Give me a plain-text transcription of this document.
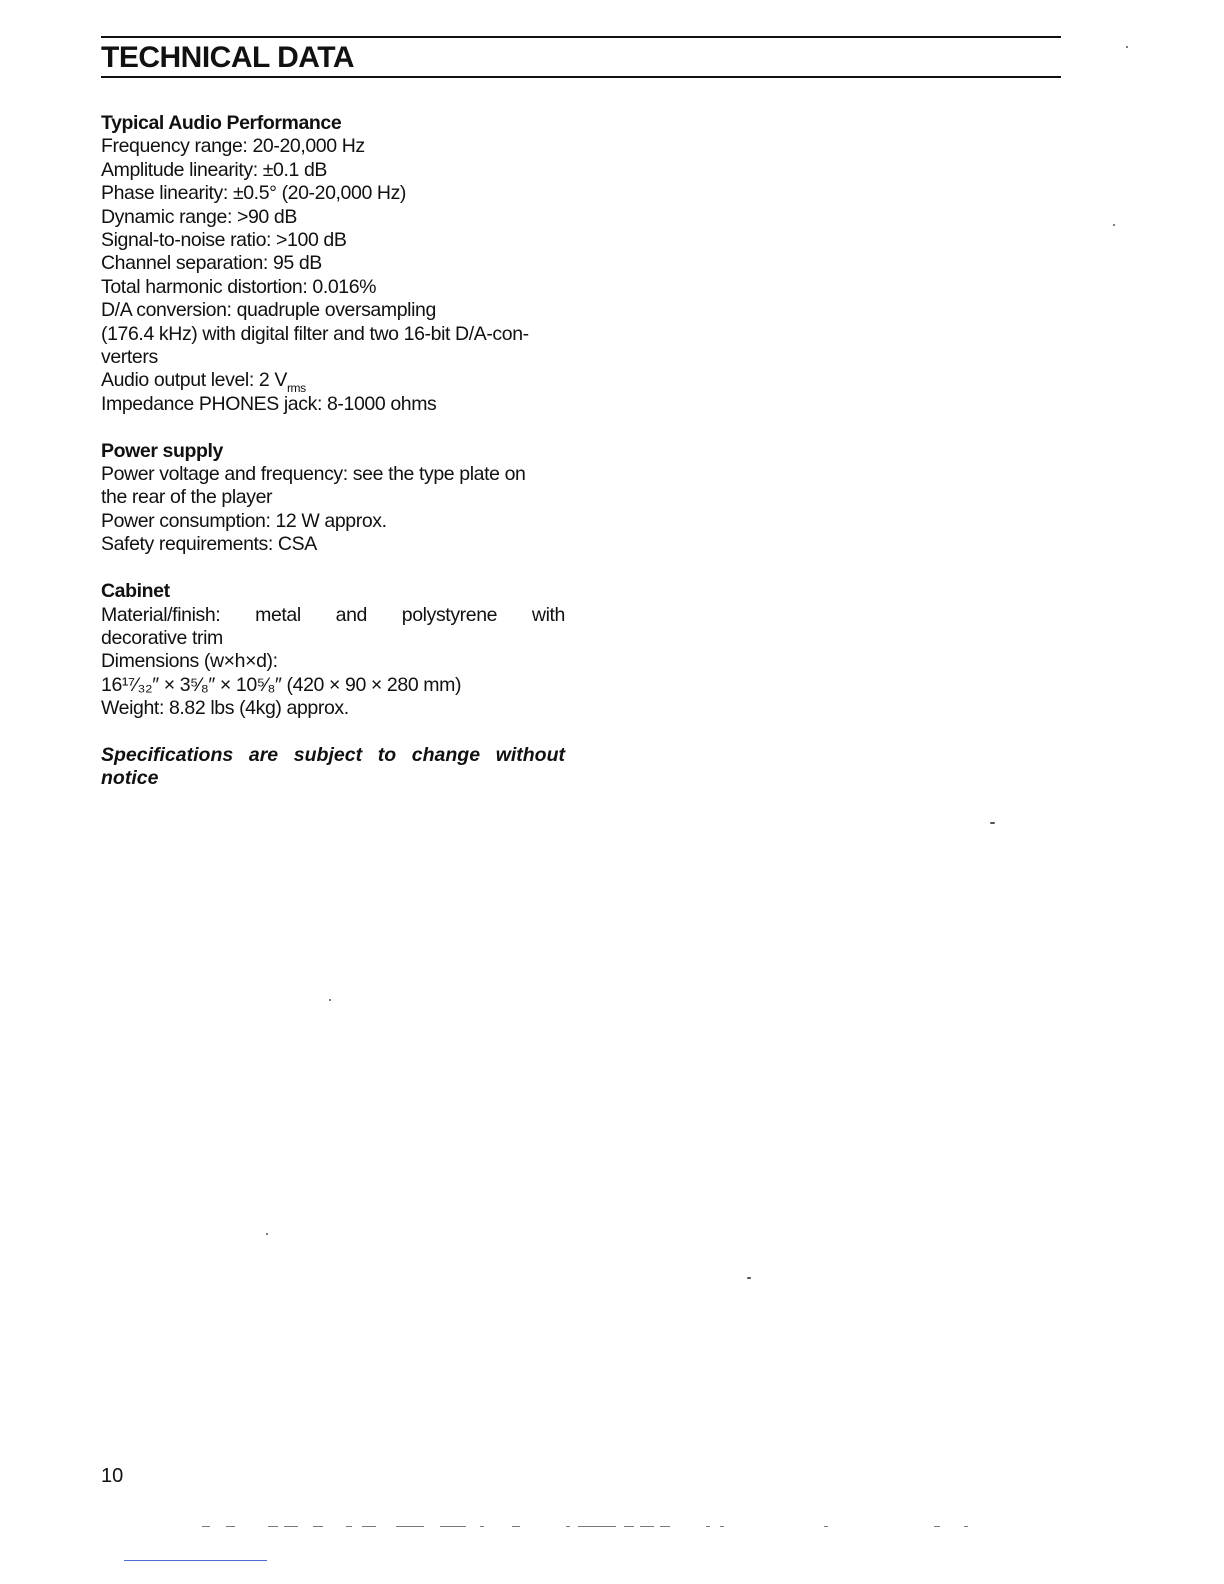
TECHNICAL DATA

Typical Audio Performance

Frequency range: 20-20,000 Hz

Amplitude linearity: ±0.1 dB

Phase linearity: ±0.5° (20-20,000 Hz)

Dynamic range: >90 dB

Signal-to-noise ratio: >100 dB

Channel separation: 95 dB

Total harmonic distortion: 0.016%

D/A conversion: quadruple oversampling

(176.4 kHz) with digital filter and two 16-bit D/A-con-

verters

Audio output level: 2 $V_{rms}$

Impedance PHONES jack: 8-1000 ohms

Power supply

Power voltage and frequency: see the type plate on

the rear of the player

Power consumption: 12 W approx.

Safety requirements: CSA

Cabinet

Material/finish: metal and polystyrene with

decorative trim

Dimensions (w×h×d):

16¹⁷⁄₃₂″ × 3⁵⁄₈″ × 10⁵⁄₈″ (420 × 90 × 280 mm)

Weight: 8.82 lbs (4kg) approx.

Specifications are subject to change without
notice

10
